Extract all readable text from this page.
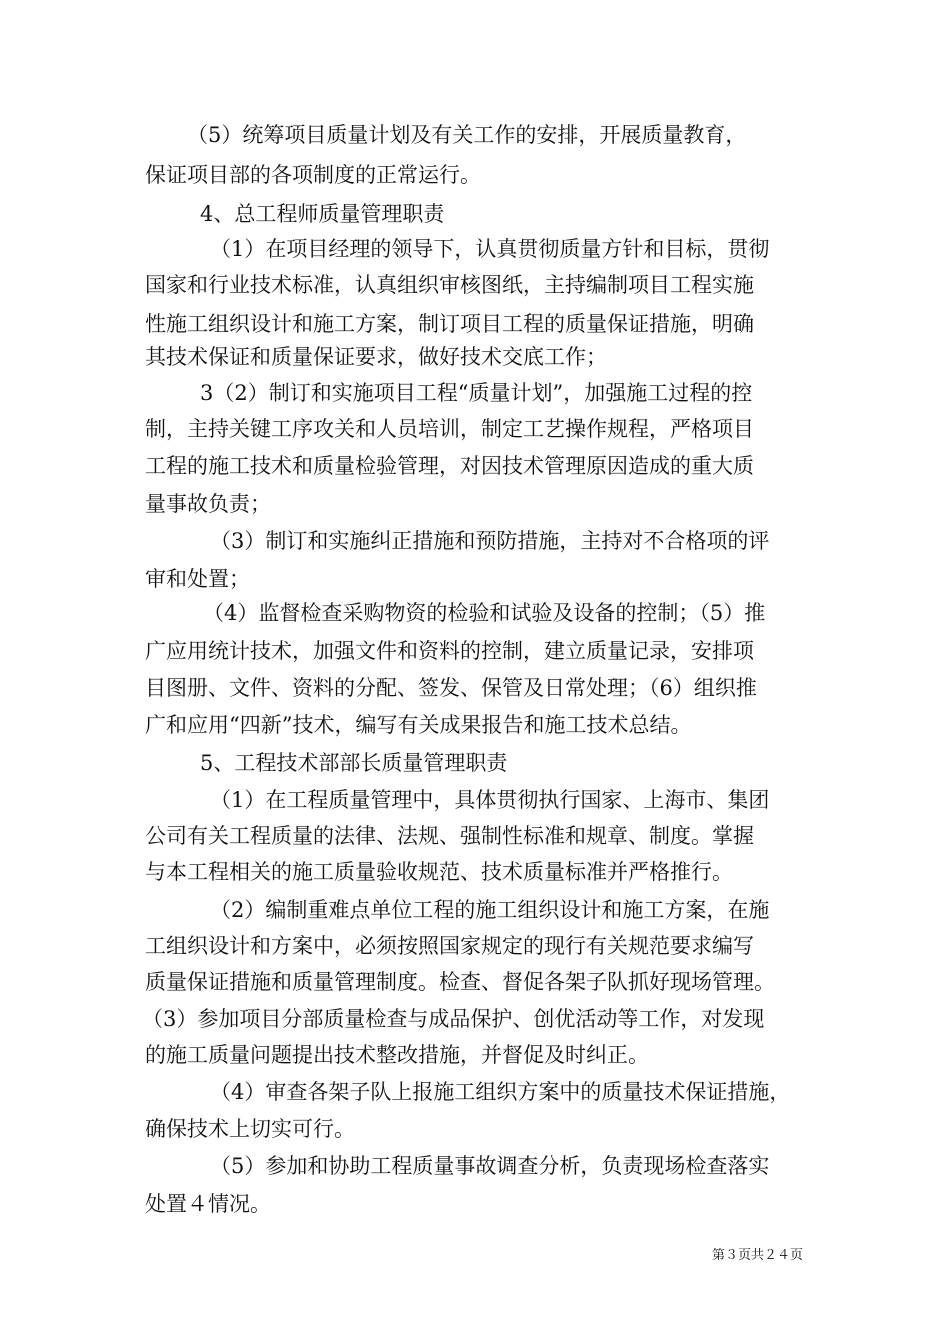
（5）统筹项目质量计划及有关工作的安排，开展质量教育，
保证项目部的各项制度的正常运行。
4、总工程师质量管理职责
（1）在项目经理的领导下，认真贯彻质量方针和目标，贯彻
国家和行业技术标准，认真组织审核图纸，主持编制项目工程实施
性施工组织设计和施工方案，制订项目工程的质量保证措施，明确
其技术保证和质量保证要求，做好技术交底工作；
3（2）制订和实施项目工程“质量计划”，加强施工过程的控
制，主持关键工序攻关和人员培训，制定工艺操作规程，严格项目
工程的施工技术和质量检验管理，对因技术管理原因造成的重大质
量事故负责；
（3）制订和实施纠正措施和预防措施，主持对不合格项的评
审和处置；
（4）监督检查采购物资的检验和试验及设备的控制；（5）推
广应用统计技术，加强文件和资料的控制，建立质量记录，安排项
目图册、文件、资料的分配、签发、保管及日常处理；（6）组织推
广和应用“四新”技术，编写有关成果报告和施工技术总结。
5、工程技术部部长质量管理职责
（1）在工程质量管理中，具体贯彻执行国家、上海市、集团
公司有关工程质量的法律、法规、强制性标准和规章、制度。掌握
与本工程相关的施工质量验收规范、技术质量标准并严格推行。
（2）编制重难点单位工程的施工组织设计和施工方案，在施
工组织设计和方案中，必须按照国家规定的现行有关规范要求编写
质量保证措施和质量管理制度。检查、督促各架子队抓好现场管理。
（3）参加项目分部质量检查与成品保护、创优活动等工作，对发现
的施工质量问题提出技术整改措施，并督促及时纠正。
（4）审查各架子队上报施工组织方案中的质量技术保证措施，
确保技术上切实可行。
（5）参加和协助工程质量事故调查分析，负责现场检查落实
处置４情况。
第３页共２４页
